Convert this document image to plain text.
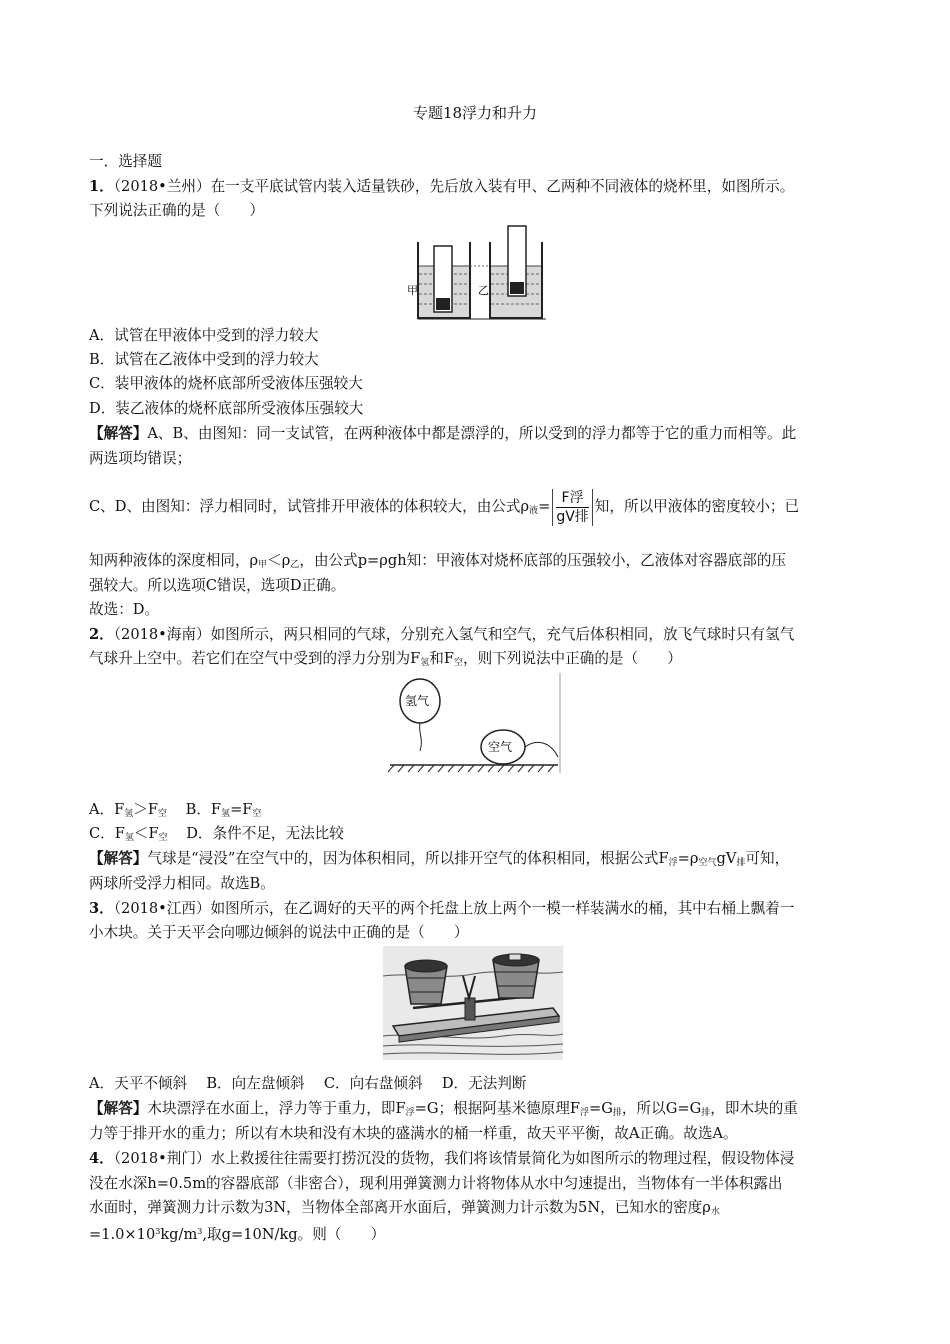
专题18浮力和升力
一．选择题
1．（2018•兰州）在一支平底试管内装入适量铁砂，先后放入装有甲、乙两种不同液体的烧杯里，如图所示。
下列说法正确的是（　　）
甲	乙
A．试管在甲液体中受到的浮力较大
B．试管在乙液体中受到的浮力较大
C．装甲液体的烧杯底部所受液体压强较大
D．装乙液体的烧杯底部所受液体压强较大
【解答】A、B、由图知：同一支试管，在两种液体中都是漂浮的，所以受到的浮力都等于它的重力而相等。此
两选项均错误；
C、D、由图知：浮力相同时，试管排开甲液体的体积较大，由公式$\rho_液= \frac{\text{F浮}}{\text{gV排}}$ 知，所以甲液体的密度较小；已
知两种液体的深度相同，$\rho_甲<\rho_乙$，由公式p=ρgh知：甲液体对烧杯底部的压强较小，乙液体对容器底部的压
强较大。所以选项C错误，选项D正确。
故选：D。
2．（2018•海南）如图所示，两只相同的气球，分别充入氢气和空气，充气后体积相同，放飞气球时只有氢气
气球升上空中。若它们在空气中受到的浮力分别为$F_氢$和$F_空$，则下列说法中正确的是（　　）
氢气
空气
A．$F_氢>F_空$ B．$F_氢=F_空$
C．$F_氢<F_空$ D．条件不足，无法比较
【解答】气球是“浸没”在空气中的，因为体积相同，所以排开空气的体积相同，根据公式$F_浮=\rho_{空气}gV_排$可知，
两球所受浮力相同。故选B。
3．（2018•江西）如图所示，在乙调好的天平的两个托盘上放上两个一模一样装满水的桶，其中右桶上飘着一
小木块。关于天平会向哪边倾斜的说法中正确的是（　　）
A．天平不倾斜　 B．向左盘倾斜　 C．向右盘倾斜　 D．无法判断
【解答】木块漂浮在水面上，浮力等于重力，即$F_浮=G$；根据阿基米德原理$F_浮=G_排$，所以$G=G_排$，即木块的重
力等于排开水的重力；所以有木块和没有木块的盛满水的桶一样重，故天平平衡，故A正确。故选A。
4．（2018•荆门）水上救援往往需要打捞沉没的货物，我们将该情景简化为如图所示的物理过程，假设物体浸
没在水深h=0.5m的容器底部（非密合），现利用弹簧测力计将物体从水中匀速提出，当物体有一半体积露出
水面时，弹簧测力计示数为3N，当物体全部离开水面后，弹簧测力计示数为5N，已知水的密度$\rho_水$
$=1.0\times 10^3kg/m^3$,取g=10N/kg。则（　　）
